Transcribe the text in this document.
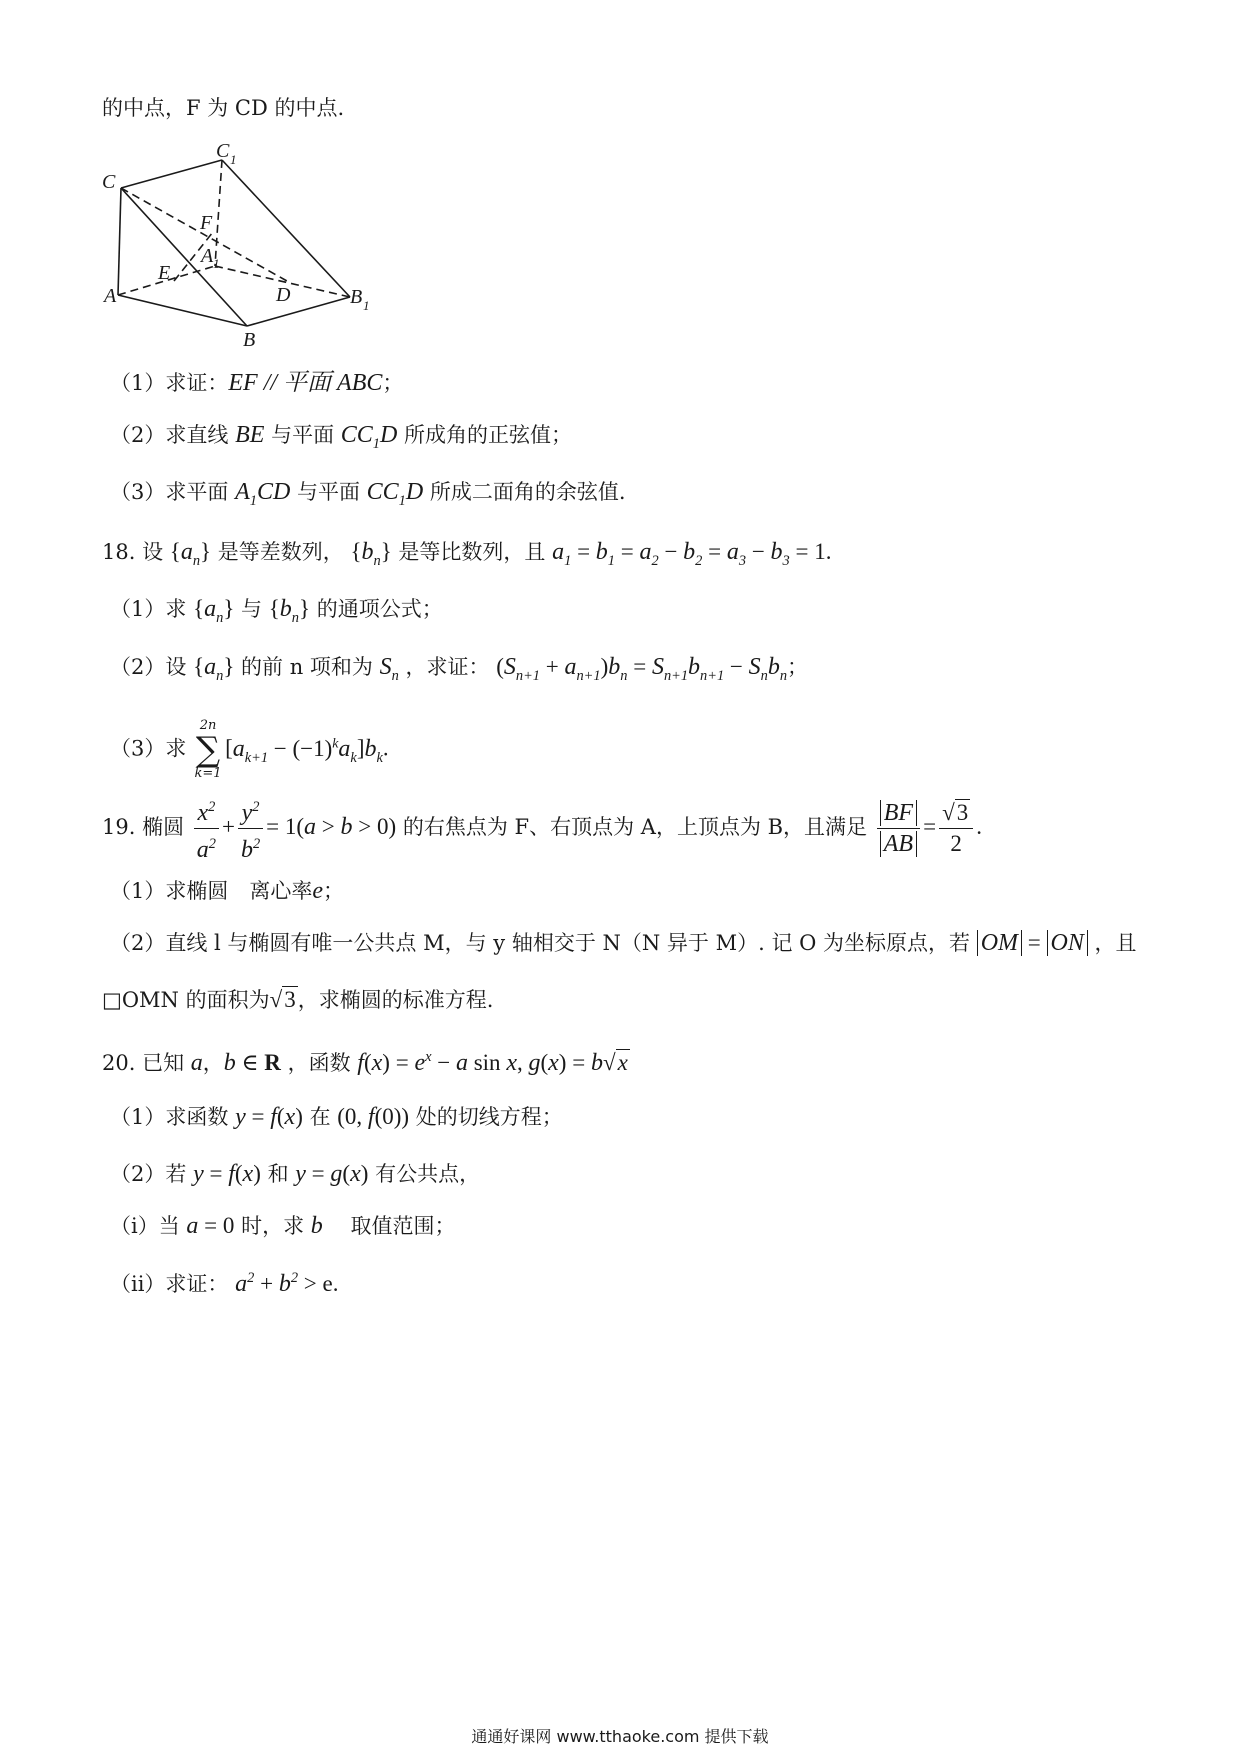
的中点，F 为 CD 的中点.
C
C 1
F
A 1
E
A	D	B 1
B
（1）求证：EF // 平面 ABC；
（2）求直线 BE 与平面 $CC_1D$ 所成角的正弦值；
（3）求平面 $A_1CD$ 与平面 $CC_1D$ 所成二面角的余弦值.
18. 设 $\{a_n\}$ 是等差数列， $\{b_n\}$ 是等比数列，且 $a_1 = b_1 = a_2 - b_2 = a_3 - b_3 = 1$.
（1）求 $\{a_n\}$ 与 $\{b_n\}$ 的通项公式；
（2）设 $\{a_n\}$ 的前 n 项和为 $S_n$ ，求证： $(S_{n+1} + a_{n+1})b_n = S_{n+1}b_{n+1} - S_nb_n$；
（3）求
2n
∑
k=1
$[a_{k+1} - (-1)^ka_k]b_k$.
19. 椭圆 $\frac{x^2}{a^2} + \frac{y^2}{b^2} = 1(a > b > 0)$ 的右焦点为 F、右顶点为 A，上顶点为 B，且满足 $\frac{BF}{AB} = \frac{√3}{2}$ .
（1）求椭圆　离心率e；
（2）直线 l 与椭圆有唯一公共点 M，与 y 轴相交于 N（N 异于 M）. 记 O 为坐标原点，若 OM = ON ，且
□OMN 的面积为√3，求椭圆的标准方程.
20. 已知 a，b ∈ R ，函数 $f(x) = e^x - a$ sin x, g(x) = b√x
（1）求函数 y = f(x) 在 (0, f(0)) 处的切线方程；
（2）若 y = f(x) 和 y = g(x) 有公共点，
（i）当 a = 0 时，求 b 　取值范围；
（ii）求证： $a^2 + b^2 > e$.
通通好课网 www.tthaoke.com 提供下载
